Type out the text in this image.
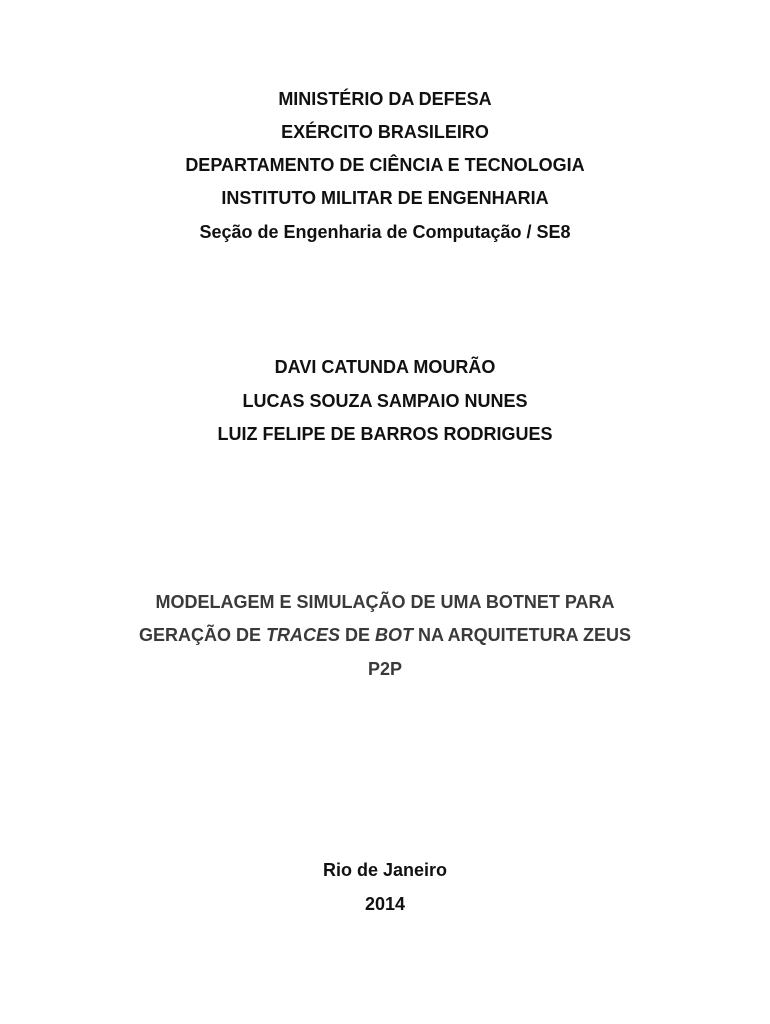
MINISTÉRIO DA DEFESA
EXÉRCITO BRASILEIRO
DEPARTAMENTO DE CIÊNCIA E TECNOLOGIA
INSTITUTO MILITAR DE ENGENHARIA
Seção de Engenharia de Computação / SE8
DAVI CATUNDA MOURÃO
LUCAS SOUZA SAMPAIO NUNES
LUIZ FELIPE DE BARROS RODRIGUES
MODELAGEM E SIMULAÇÃO DE UMA BOTNET PARA
GERAÇÃO DE TRACES DE BOT NA ARQUITETURA ZEUS
P2P
Rio de Janeiro
2014
